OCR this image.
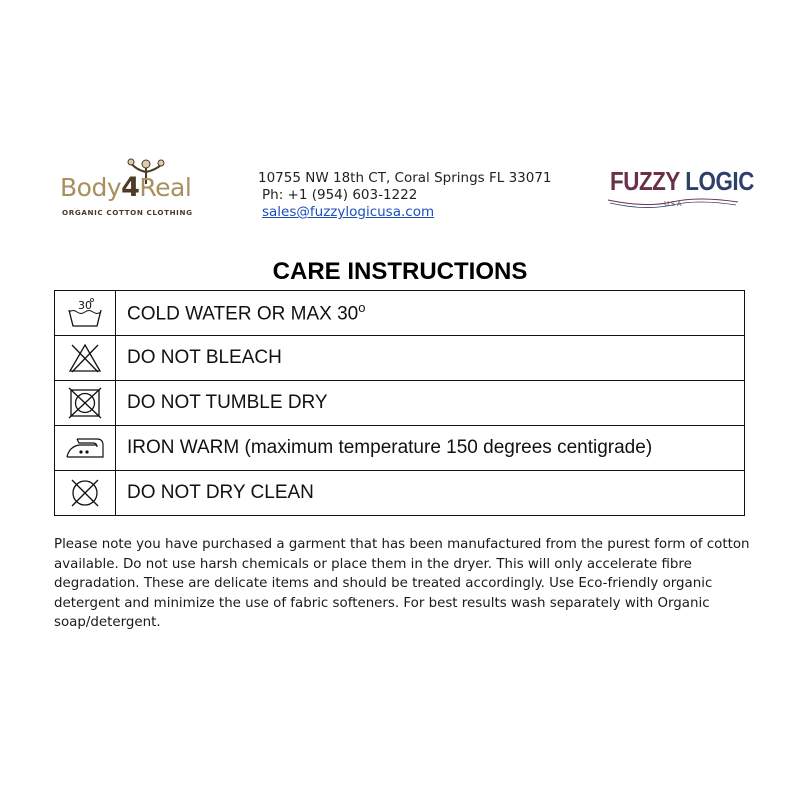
Body4Real
ORGANIC COTTON CLOTHING
10755 NW 18th CT, Coral Springs FL 33071
Ph: +1 (954) 603-1222
sales@fuzzylogicusa.com
FUZZY LOGIC
USA
CARE INSTRUCTIONS
30	COLD WATER OR MAX 30$^o$

	DO NOT BLEACH

	DO NOT TUMBLE DRY

	IRON WARM (maximum temperature 150 degrees centigrade)

	DO NOT DRY CLEAN

Please note you have purchased a garment that has been manufactured from the purest form of cotton available. Do not use harsh chemicals or place them in the dryer. This will only accelerate fibre degradation. These are delicate items and should be treated accordingly. Use Eco-friendly organic detergent and minimize the use of fabric softeners. For best results wash separately with Organic soap/detergent.
